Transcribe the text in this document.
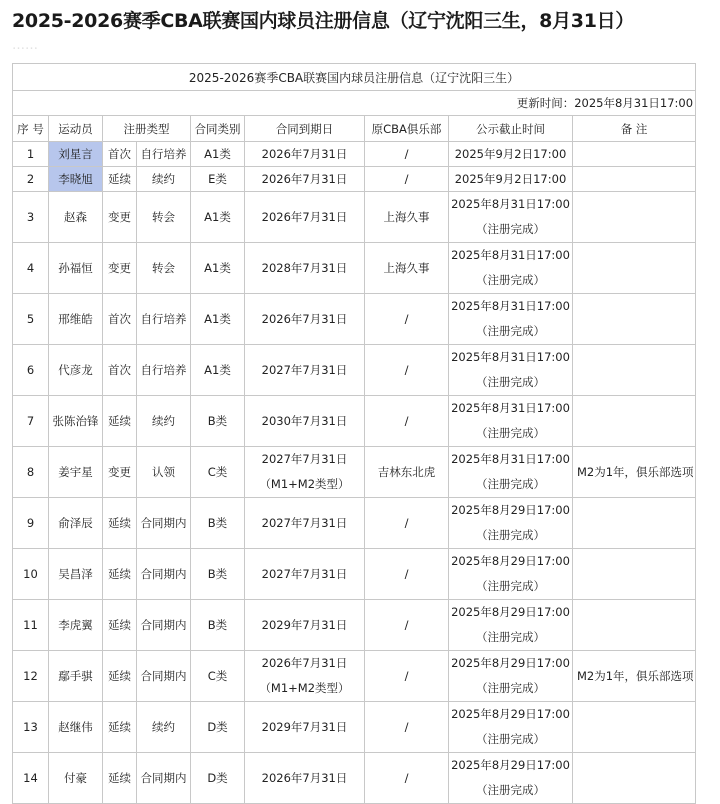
2025-2026赛季CBA联赛国内球员注册信息（辽宁沈阳三生，8月31日）
……
2025-2026赛季CBA联赛国内球员注册信息（辽宁沈阳三生）								
更新时间：2025年8月31日17:00								
序 号	运动员	注册类型		合同类别	合同到期日	原CBA俱乐部	公示截止时间	备 注
1	刘星言	首次	自行培养	A1类	2026年7月31日	/	2025年9月2日17:00	
2	李晓旭	延续	续约	E类	2026年7月31日	/	2025年9月2日17:00	
3	赵森	变更	转会	A1类	2026年7月31日	上海久事	2025年8月31日17:00
（注册完成）	

4	孙福恒	变更	转会	A1类	2028年7月31日	上海久事	2025年8月31日17:00
（注册完成）	

5	邢维皓	首次	自行培养	A1类	2026年7月31日	/	2025年8月31日17:00
（注册完成）	

6	代彦龙	首次	自行培养	A1类	2027年7月31日	/	2025年8月31日17:00
（注册完成）	

7	张陈治锋	延续	续约	B类	2030年7月31日	/	2025年8月31日17:00
（注册完成）	

8	姜宇星	变更	认领	C类	2027年7月31日
（M1+M2类型）	吉林东北虎	2025年8月31日17:00
（注册完成）	M2为1年，俱乐部选项
9	俞泽辰	延续	合同期内	B类	2027年7月31日	/	2025年8月29日17:00
（注册完成）	

10	吴昌泽	延续	合同期内	B类	2027年7月31日	/	2025年8月29日17:00
（注册完成）	

11	李虎翼	延续	合同期内	B类	2029年7月31日	/	2025年8月29日17:00
（注册完成）	

12	鄢手骐	延续	合同期内	C类	2026年7月31日
（M1+M2类型）	/	2025年8月29日17:00
（注册完成）	M2为1年，俱乐部选项
13	赵继伟	延续	续约	D类	2029年7月31日	/	2025年8月29日17:00
（注册完成）	

14	付豪	延续	合同期内	D类	2026年7月31日	/	2025年8月29日17:00
（注册完成）	
